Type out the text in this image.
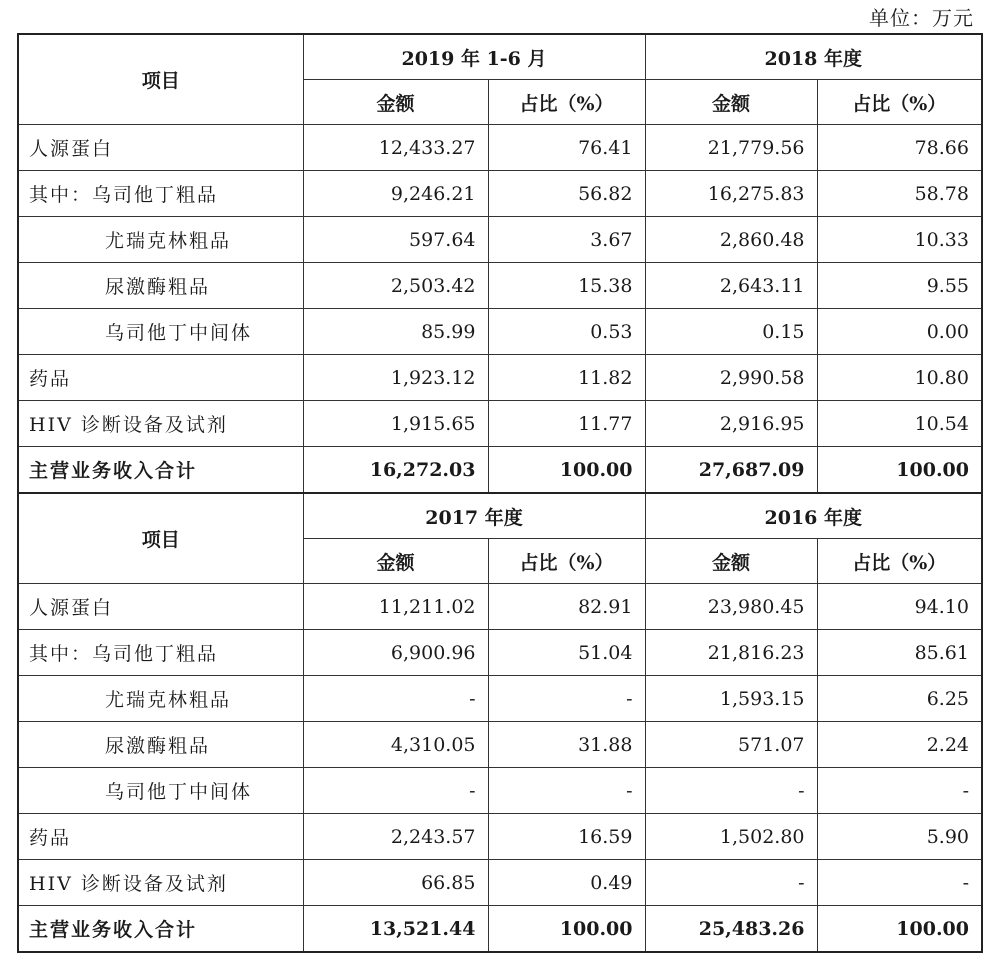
单位：万元
项目	2019 年 1-6 月		2018 年度	
	金额	占比（%）	金额	占比（%）
人源蛋白	12,433.27	76.41	21,779.56	78.66
其中：乌司他丁粗品	9,246.21	56.82	16,275.83	58.78
尤瑞克林粗品	597.64	3.67	2,860.48	10.33
尿激酶粗品	2,503.42	15.38	2,643.11	9.55
乌司他丁中间体	85.99	0.53	0.15	0.00
药品	1,923.12	11.82	2,990.58	10.80
HIV 诊断设备及试剂	1,915.65	11.77	2,916.95	10.54
主营业务收入合计	16,272.03	100.00	27,687.09	100.00
项目	2017 年度		2016 年度	
	金额	占比（%）	金额	占比（%）
人源蛋白	11,211.02	82.91	23,980.45	94.10
其中：乌司他丁粗品	6,900.96	51.04	21,816.23	85.61
尤瑞克林粗品	-	-	1,593.15	6.25
尿激酶粗品	4,310.05	31.88	571.07	2.24
乌司他丁中间体	-	-	-	-
药品	2,243.57	16.59	1,502.80	5.90
HIV 诊断设备及试剂	66.85	0.49	-	-
主营业务收入合计	13,521.44	100.00	25,483.26	100.00
